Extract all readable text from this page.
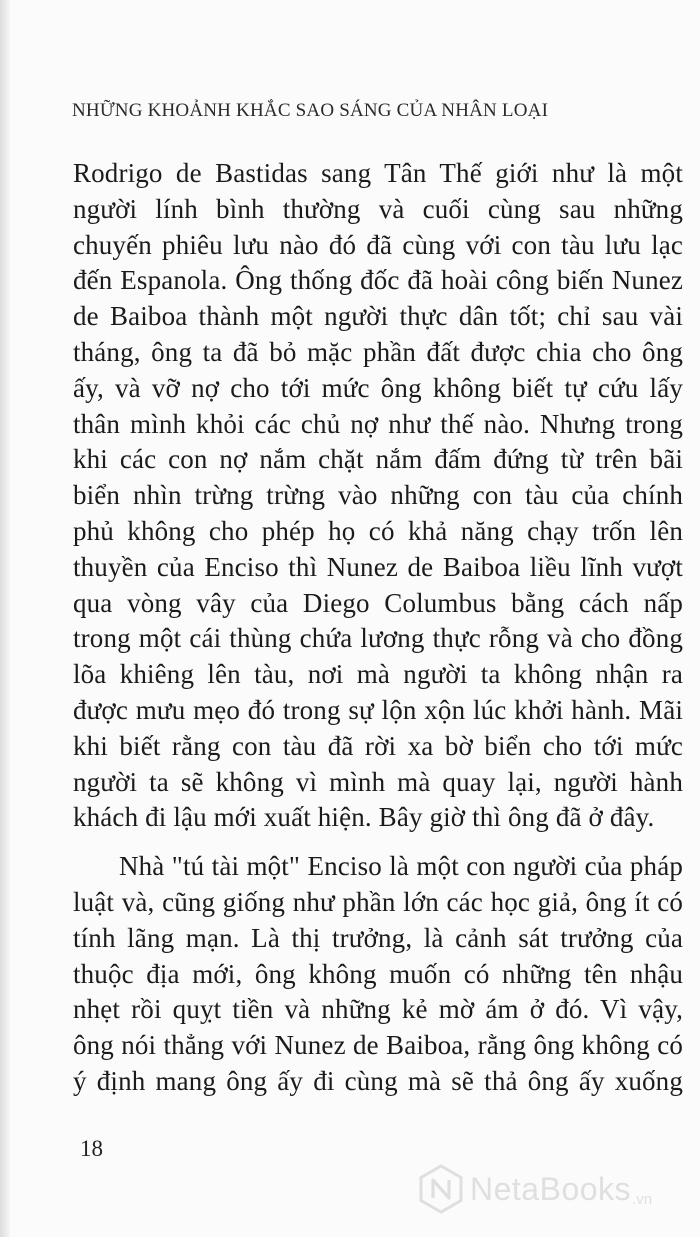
NHỮNG KHOẢNH KHẮC SAO SÁNG CỦA NHÂN LOẠI
Rodrigo de Bastidas sang Tân Thế giới như là một
người lính bình thường và cuối cùng sau những
chuyến phiêu lưu nào đó đã cùng với con tàu lưu lạc
đến Espanola. Ông thống đốc đã hoài công biến Nunez
de Baiboa thành một người thực dân tốt; chỉ sau vài
tháng, ông ta đã bỏ mặc phần đất được chia cho ông
ấy, và vỡ nợ cho tới mức ông không biết tự cứu lấy
thân mình khỏi các chủ nợ như thế nào. Nhưng trong
khi các con nợ nắm chặt nắm đấm đứng từ trên bãi
biển nhìn trừng trừng vào những con tàu của chính
phủ không cho phép họ có khả năng chạy trốn lên
thuyền của Enciso thì Nunez de Baiboa liều lĩnh vượt
qua vòng vây của Diego Columbus bằng cách nấp
trong một cái thùng chứa lương thực rỗng và cho đồng
lõa khiêng lên tàu, nơi mà người ta không nhận ra
được mưu mẹo đó trong sự lộn xộn lúc khởi hành. Mãi
khi biết rằng con tàu đã rời xa bờ biển cho tới mức
người ta sẽ không vì mình mà quay lại, người hành
khách đi lậu mới xuất hiện. Bây giờ thì ông đã ở đây.
Nhà "tú tài một" Enciso là một con người của pháp
luật và, cũng giống như phần lớn các học giả, ông ít có
tính lãng mạn. Là thị trưởng, là cảnh sát trưởng của
thuộc địa mới, ông không muốn có những tên nhậu
nhẹt rồi quỵt tiền và những kẻ mờ ám ở đó. Vì vậy,
ông nói thẳng với Nunez de Baiboa, rằng ông không có
ý định mang ông ấy đi cùng mà sẽ thả ông ấy xuống
18
NetaBooks .vn
